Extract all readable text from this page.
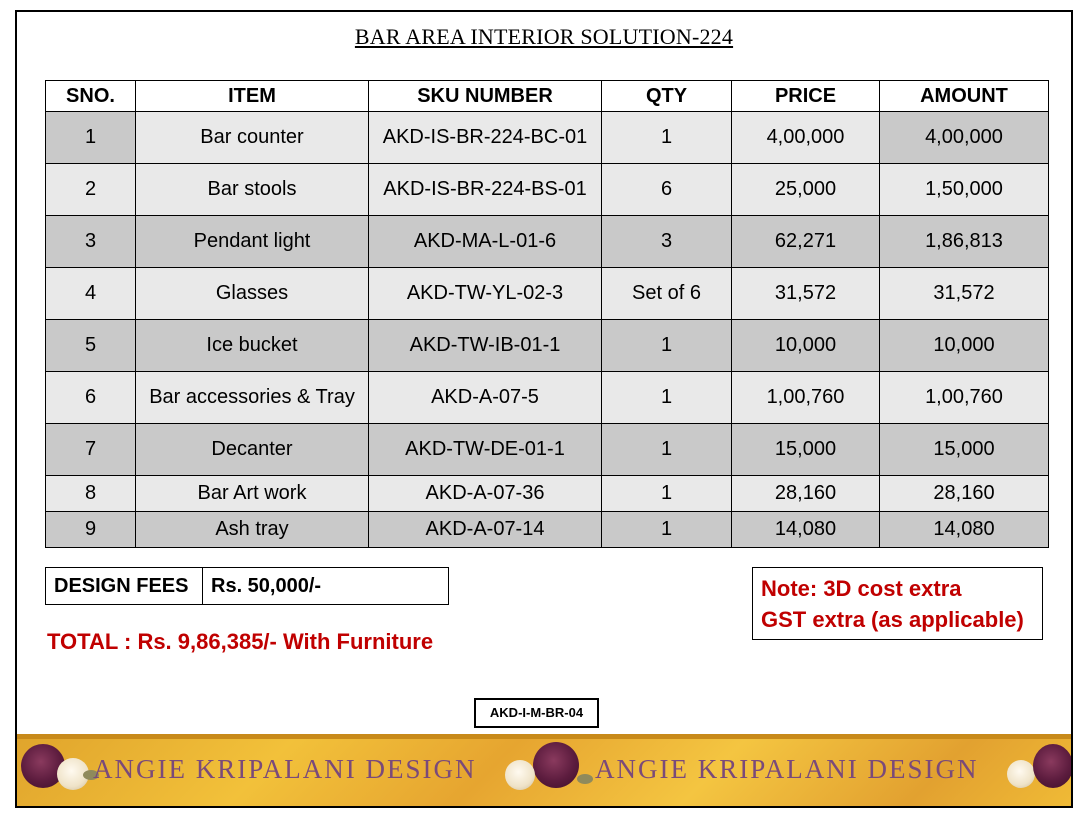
BAR AREA INTERIOR SOLUTION-224
SNO.	ITEM	SKU NUMBER	QTY	PRICE	AMOUNT
1	Bar counter	AKD-IS-BR-224-BC-01	1	4,00,000	4,00,000
2	Bar stools	AKD-IS-BR-224-BS-01	6	25,000	1,50,000
3	Pendant light	AKD-MA-L-01-6	3	62,271	1,86,813
4	Glasses	AKD-TW-YL-02-3	Set of 6	31,572	31,572
5	Ice bucket	AKD-TW-IB-01-1	1	10,000	10,000
6	Bar accessories & Tray	AKD-A-07-5	1	1,00,760	1,00,760
7	Decanter	AKD-TW-DE-01-1	1	15,000	15,000
8	Bar Art work	AKD-A-07-36	1	28,160	28,160
9	Ash tray	AKD-A-07-14	1	14,080	14,080
DESIGN FEES	Rs. 50,000/-	Note: 3D cost extra
GST extra (as applicable)
TOTAL : Rs. 9,86,385/- With Furniture
AKD-I-M-BR-04
ANGIE KRIPALANI DESIGN	ANGIE KRIPALANI DESIGN
